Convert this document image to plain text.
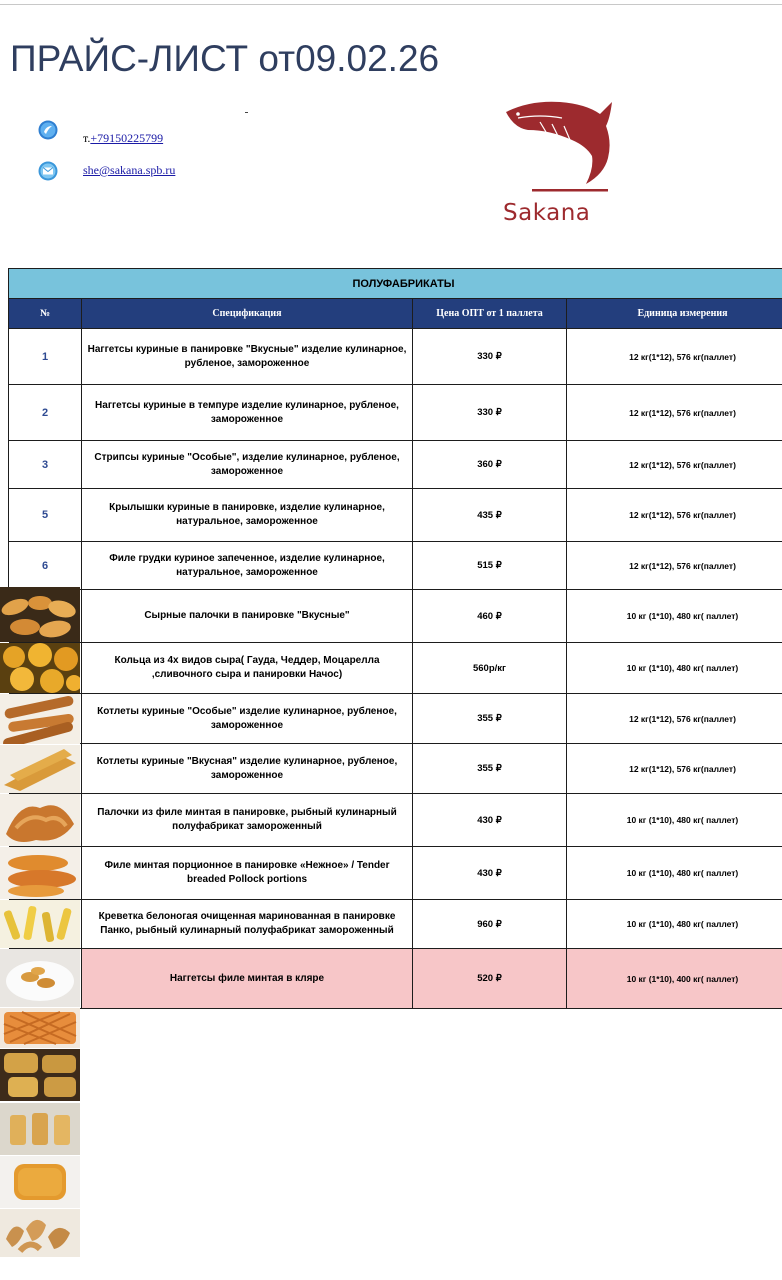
ПРАЙС-ЛИСТ от09.02.26
т.+79150225799
she@sakana.spb.ru
Sakana
ПОЛУФАБРИКАТЫ			
№	Спецификация	Цена ОПТ от 1 паллета	Единица измерения
1	Наггетсы куриные в панировке "Вкусные" изделие кулинарное, рубленое, замороженное	330 ₽	12 кг(1*12), 576 кг(паллет)
2	Наггетсы куриные в темпуре изделие кулинарное, рубленое, замороженное	330 ₽	12 кг(1*12), 576 кг(паллет)
3	Стрипсы куриные "Особые", изделие кулинарное, рубленое, замороженное	360 ₽	12 кг(1*12), 576 кг(паллет)
5	Крылышки куриные в панировке, изделие кулинарное, натуральное, замороженное	435 ₽	12 кг(1*12), 576 кг(паллет)
6	Филе грудки куриное запеченное, изделие кулинарное, натуральное, замороженное	515 ₽	12 кг(1*12), 576 кг(паллет)
	Сырные палочки в панировке "Вкусные"	460 ₽	10 кг (1*10), 480 кг( паллет)
	Кольца из 4х видов сыра( Гауда, Чеддер, Моцарелла ,сливочного сыра и панировки Начос)	560р/кг	10 кг (1*10), 480 кг( паллет)
	Котлеты куриные "Особые" изделие кулинарное, рубленое, замороженное	355 ₽	12 кг(1*12), 576 кг(паллет)
	Котлеты куриные "Вкусная" изделие кулинарное, рубленое, замороженное	355 ₽	12 кг(1*12), 576 кг(паллет)
	Палочки из филе минтая в панировке, рыбный кулинарный полуфабрикат замороженный	430 ₽	10 кг (1*10), 480 кг( паллет)
	Филе минтая порционное в панировке «Нежное» / Tender breaded Pollock portions	430 ₽	10 кг (1*10), 480 кг( паллет)
	Креветка белоногая очищенная маринованная в панировке Панко, рыбный кулинарный полуфабрикат замороженный	960 ₽	10 кг (1*10), 480 кг( паллет)
	Наггетсы филе минтая в кляре	520 ₽	10 кг (1*10), 400 кг( паллет)
